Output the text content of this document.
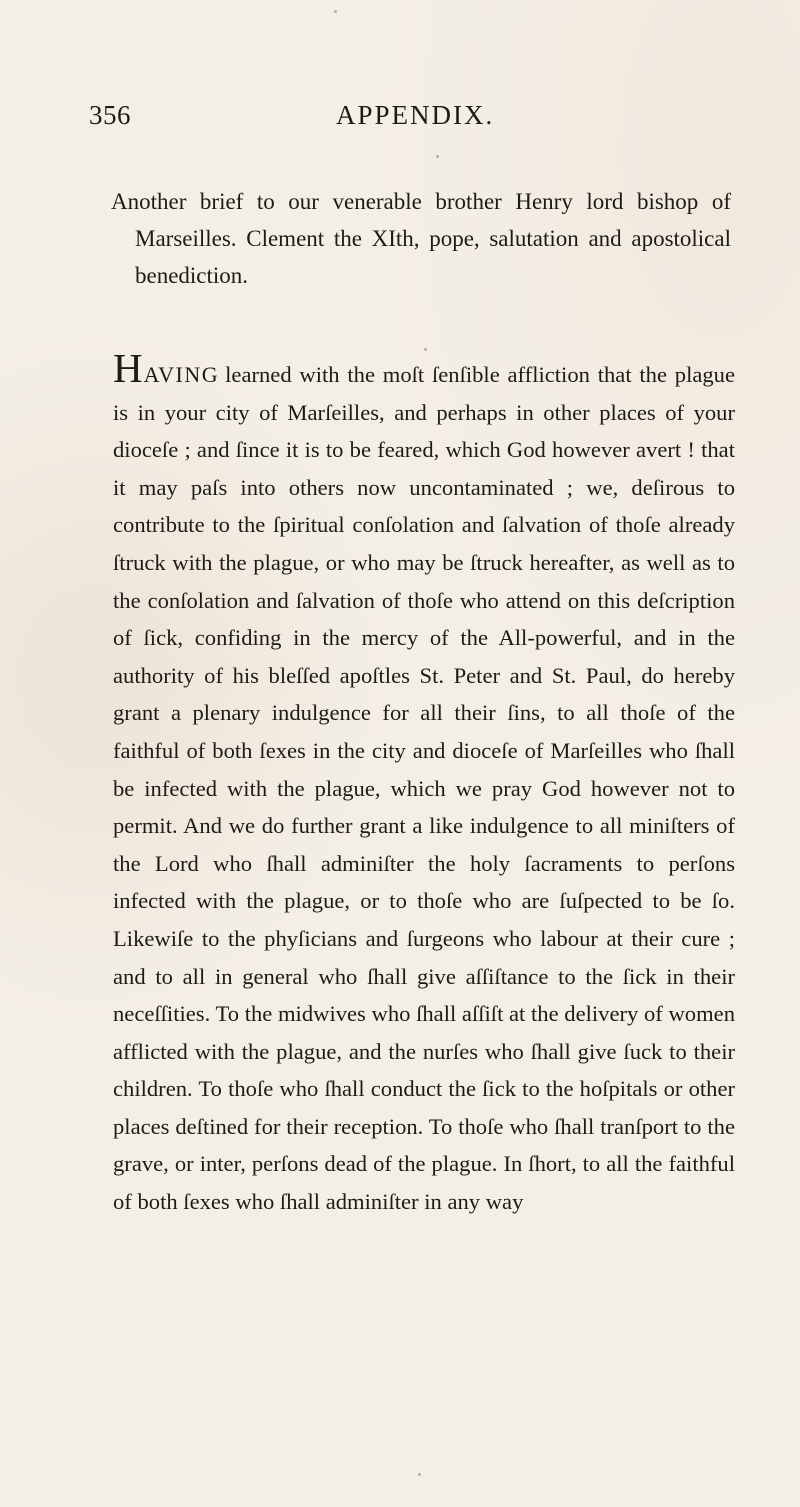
356	APPENDIX.
Another brief to our venerable brother Henry lord bishop of Marseilles. Clement the XIth, pope, salutation and apostolical benediction.
HAVING learned with the moſt ſenſible affliction that the plague is in your city of Marſeilles, and perhaps in other places of your dioceſe ; and ſince it is to be feared, which God however avert ! that it may paſs into others now uncontaminated ; we, deſirous to contribute to the ſpiritual conſolation and ſalvation of thoſe already ſtruck with the plague, or who may be ſtruck hereafter, as well as to the conſolation and ſalvation of thoſe who attend on this deſcription of ſick, confiding in the mercy of the All-powerful, and in the authority of his bleſſed apoſtles St. Peter and St. Paul, do hereby grant a plenary indulgence for all their ſins, to all thoſe of the faithful of both ſexes in the city and dioceſe of Marſeilles who ſhall be infected with the plague, which we pray God however not to permit. And we do further grant a like indulgence to all miniſters of the Lord who ſhall adminiſter the holy ſacraments to perſons infected with the plague, or to thoſe who are ſuſpected to be ſo. Likewiſe to the phyſicians and ſurgeons who labour at their cure ; and to all in general who ſhall give aſſiſtance to the ſick in their neceſſities. To the midwives who ſhall aſſiſt at the delivery of women afflicted with the plague, and the nurſes who ſhall give ſuck to their children. To thoſe who ſhall conduct the ſick to the hoſpitals or other places deſtined for their reception. To thoſe who ſhall tranſport to the grave, or inter, perſons dead of the plague. In ſhort, to all the faithful of both ſexes who ſhall adminiſter in any way
